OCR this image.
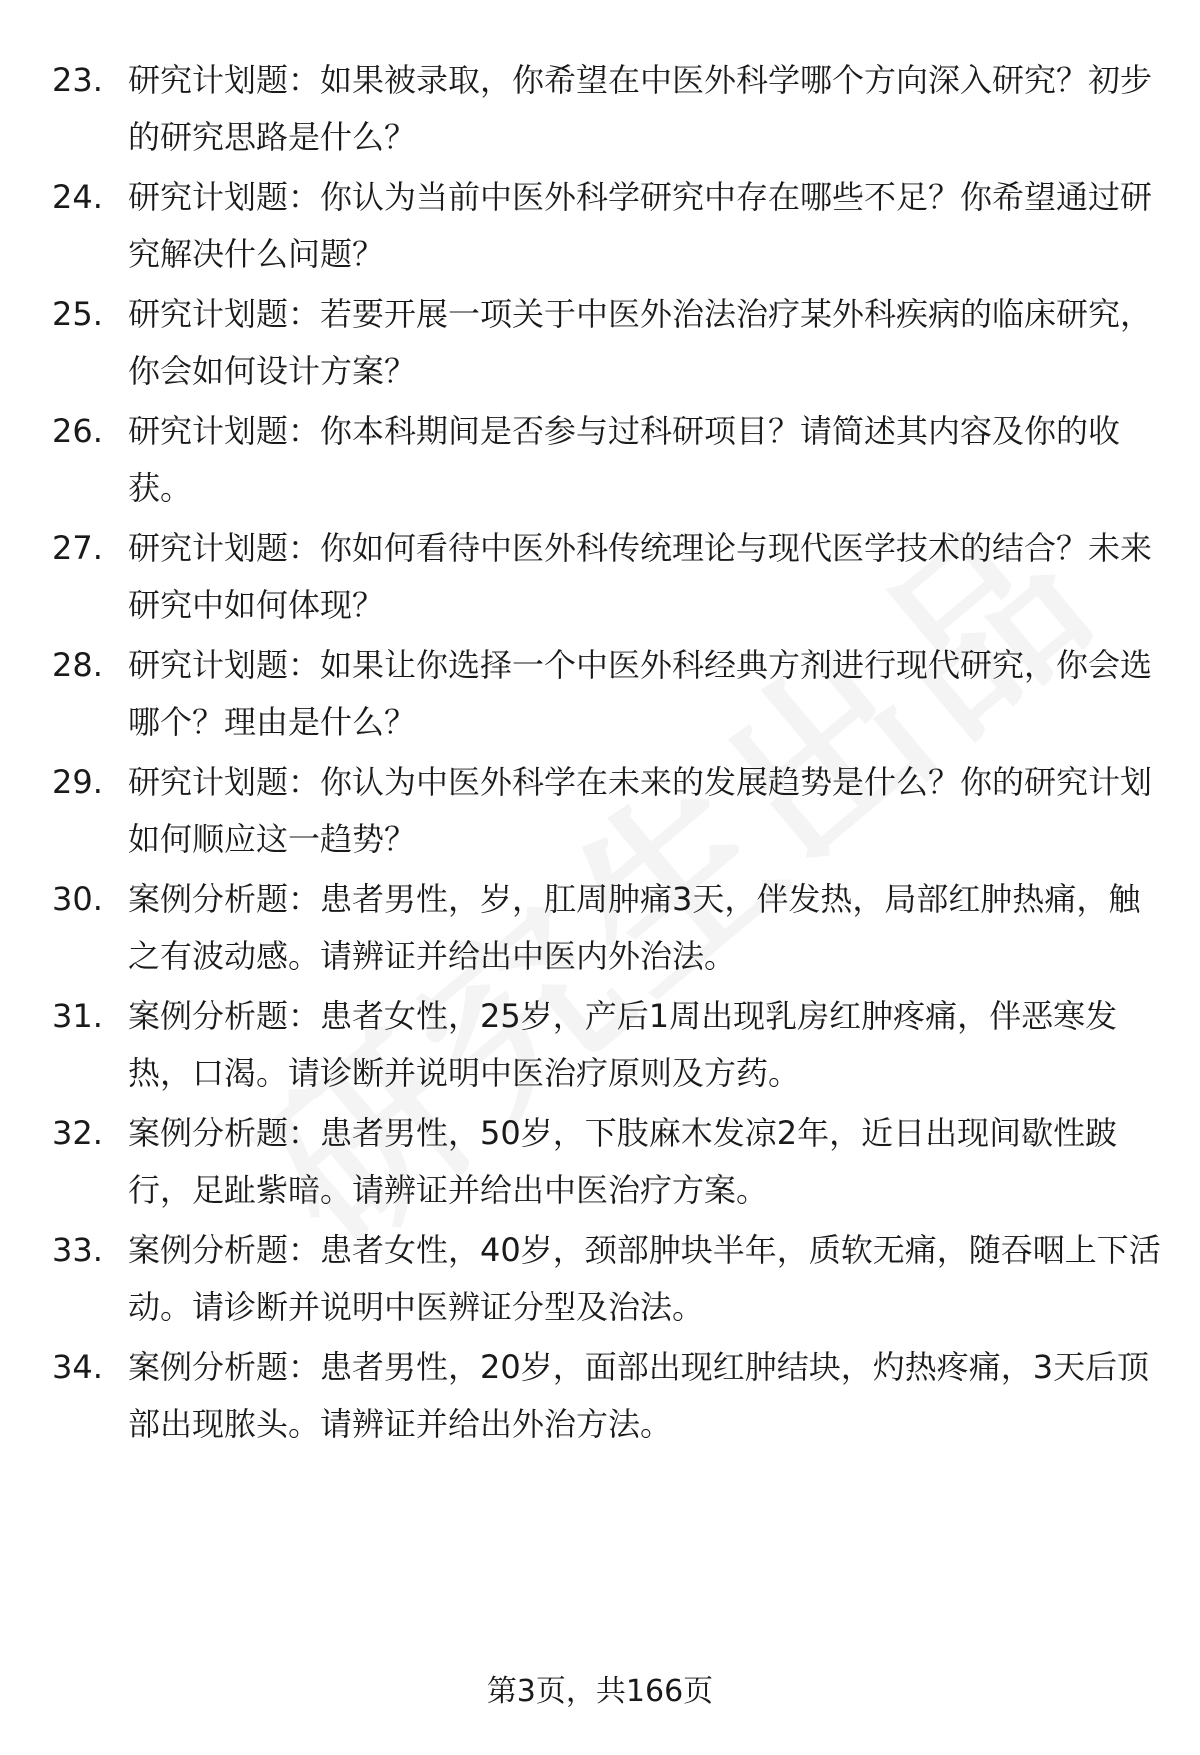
23. 研究计划题：如果被录取，你希望在中医外科学哪个方向深入研究？初步的研究思路是什么？
24. 研究计划题：你认为当前中医外科学研究中存在哪些不足？你希望通过研究解决什么问题？
25. 研究计划题：若要开展一项关于中医外治法治疗某外科疾病的临床研究，你会如何设计方案？
26. 研究计划题：你本科期间是否参与过科研项目？请简述其内容及你的收获。
27. 研究计划题：你如何看待中医外科传统理论与现代医学技术的结合？未来研究中如何体现？
28. 研究计划题：如果让你选择一个中医外科经典方剂进行现代研究，你会选哪个？理由是什么？
29. 研究计划题：你认为中医外科学在未来的发展趋势是什么？你的研究计划如何顺应这一趋势？
30. 案例分析题：患者男性，岁，肛周肿痛3天，伴发热，局部红肿热痛，触之有波动感。请辨证并给出中医内外治法。
31. 案例分析题：患者女性，25岁，产后1周出现乳房红肿疼痛，伴恶寒发热，口渴。请诊断并说明中医治疗原则及方药。
32. 案例分析题：患者男性，50岁，下肢麻木发凉2年，近日出现间歇性跛行，足趾紫暗。请辨证并给出中医治疗方案。
33. 案例分析题：患者女性，40岁，颈部肿块半年，质软无痛，随吞咽上下活动。请诊断并说明中医辨证分型及治法。
34. 案例分析题：患者男性，20岁，面部出现红肿结块，灼热疼痛，3天后顶部出现脓头。请辨证并给出外治方法。
第3页，共166页
